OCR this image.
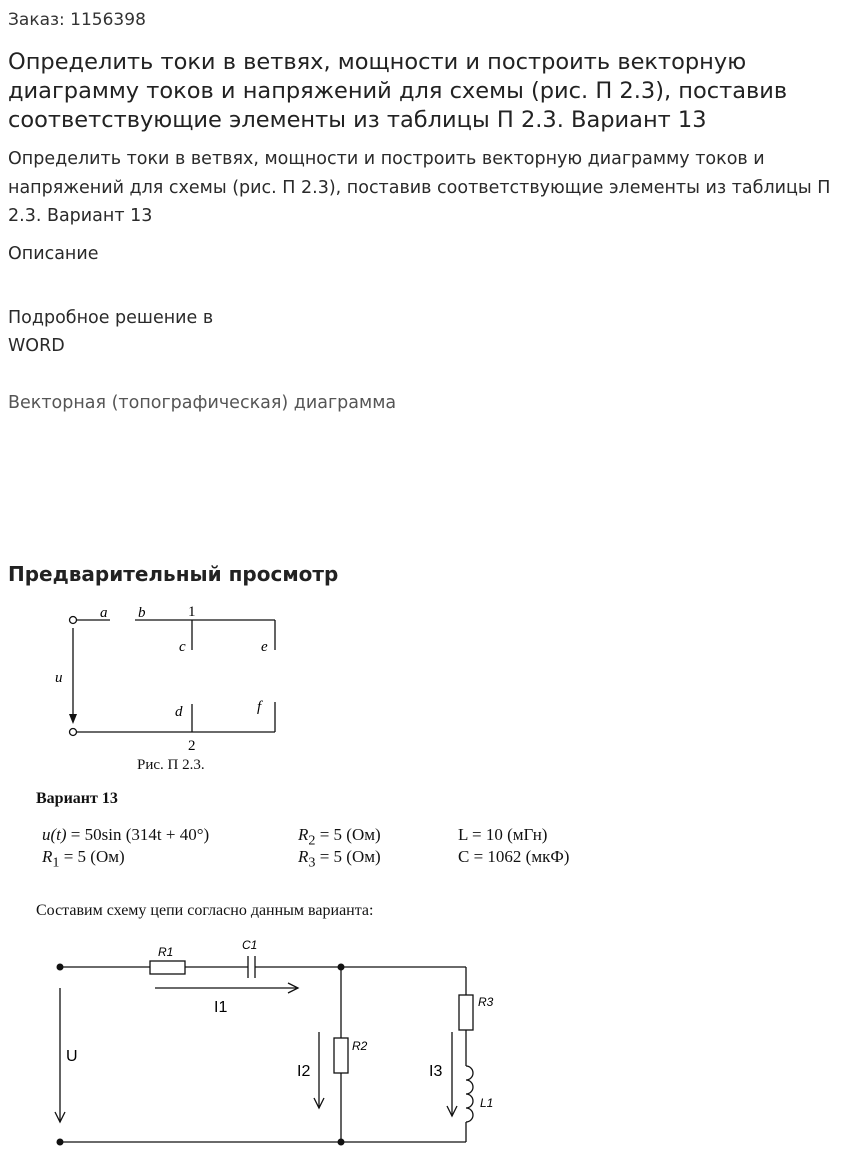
Заказ: 1156398
Определить токи в ветвях, мощности и построить векторную диаграмму токов и напряжений для схемы (рис. П 2.3), поставив соответствующие элементы из таблицы П 2.3. Вариант 13
Определить токи в ветвях, мощности и построить векторную диаграмму токов и напряжений для схемы (рис. П 2.3), поставив соответствующие элементы из таблицы П 2.3. Вариант 13
Описание
Подробное решение в
WORD
Векторная (топографическая) диаграмма
Предварительный просмотр
a b	1
c	e
u
d	f
2
Рис. П 2.3.
Вариант 13
u(t) = 50sin (314t + 40°)	$R_2 = 5$ (Ом)	L = 10 (мГн)
$R_1 = 5$ (Ом)	$R_3 = 5$ (Ом)	C = 1062 (мкФ)
Составим схему цепи согласно данным варианта:
R1	C1
I1
U
R2
I2
R3
I3
L1
